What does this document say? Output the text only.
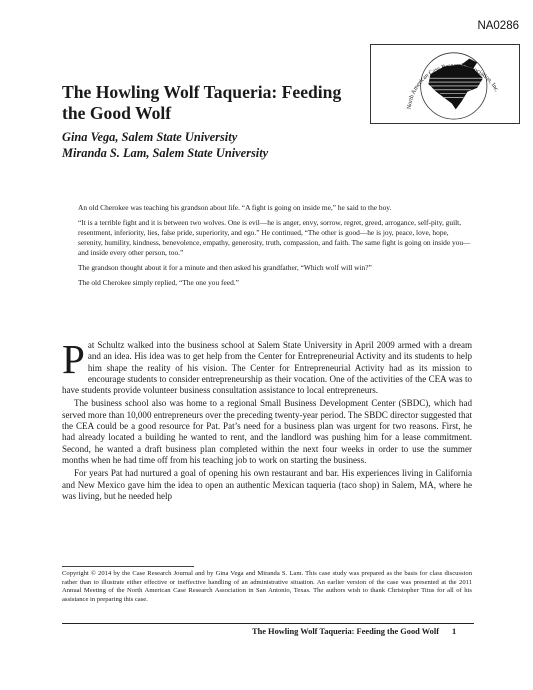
NA0286
North American Case Research Association, Inc.
The Howling Wolf Taqueria: Feeding the Good Wolf
Gina Vega, Salem State University
Miranda S. Lam, Salem State University

An old Cherokee was teaching his grandson about life. “A fight is going on inside me,” he said to the boy.

“It is a terrible fight and it is between two wolves. One is evil—he is anger, envy, sorrow, regret, greed, arrogance, self-pity, guilt, resentment, inferiority, lies, false pride, superiority, and ego.” He continued, “The other is good—he is joy, peace, love, hope, serenity, humility, kindness, benevolence, empathy, generosity, truth, compassion, and faith. The same fight is going on inside you—and inside every other person, too.”

The grandson thought about it for a minute and then asked his grandfather, “Which wolf will win?”

The old Cherokee simply replied, “The one you feed.”

Pat Schultz walked into the business school at Salem State University in April 2009 armed with a dream and an idea. His idea was to get help from the Center for Entrepreneurial Activity and its students to help him shape the reality of his vision. The Center for Entrepreneurial Activity had as its mission to encourage students to consider entrepreneurship as their vocation. One of the activities of the CEA was to have students provide volunteer business consultation assistance to local entrepreneurs.

The business school also was home to a regional Small Business Development Center (SBDC), which had served more than 10,000 entrepreneurs over the preceding twenty-year period. The SBDC director suggested that the CEA could be a good resource for Pat. Pat’s need for a business plan was urgent for two reasons. First, he had already located a building he wanted to rent, and the landlord was pushing him for a lease commitment. Second, he wanted a draft business plan completed within the next four weeks in order to use the summer months when he had time off from his teaching job to work on starting the business.

For years Pat had nurtured a goal of opening his own restaurant and bar. His experiences living in California and New Mexico gave him the idea to open an authentic Mexican taqueria (taco shop) in Salem, MA, where he was living, but he needed help

Copyright © 2014 by the Case Research Journal and by Gina Vega and Miranda S. Lam. This case study was prepared as the basis for class discussion rather than to illustrate either effective or ineffective handling of an administrative situation. An earlier version of the case was presented at the 2011 Annual Meeting of the North American Case Research Association in San Antonio, Texas. The authors wish to thank Christopher Titus for all of his assistance in preparing this case.
The Howling Wolf Taqueria: Feeding the Good Wolf 1
